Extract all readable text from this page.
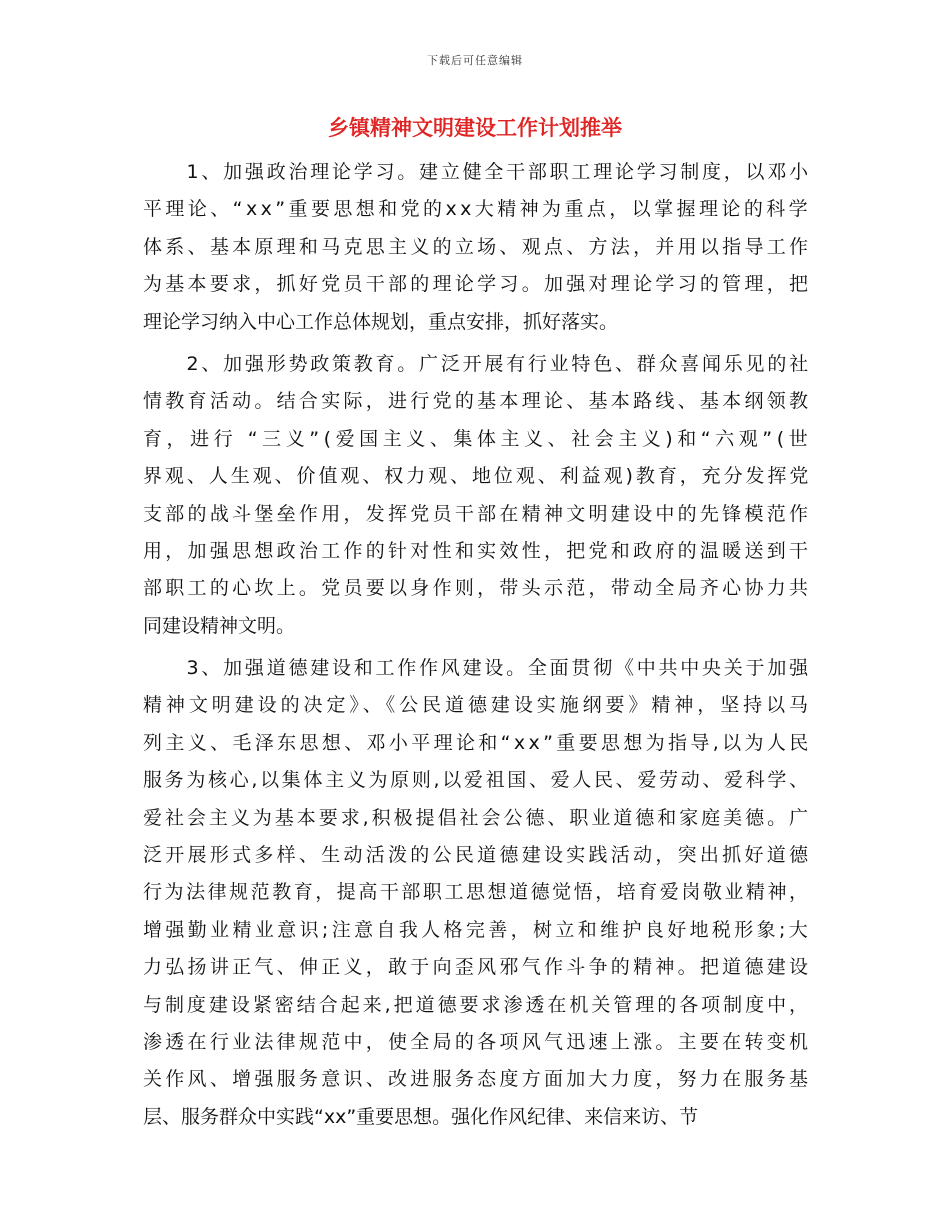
下载后可任意编辑
乡镇精神文明建设工作计划推举
　　1、加强政治理论学习。建立健全干部职工理论学习制度，以邓小
平理论、“xx”重要思想和党的xx大精神为重点，以掌握理论的科学
体系、基本原理和马克思主义的立场、观点、方法，并用以指导工作
为基本要求，抓好党员干部的理论学习。加强对理论学习的管理，把
理论学习纳入中心工作总体规划，重点安排，抓好落实。
　　2、加强形势政策教育。广泛开展有行业特色、群众喜闻乐见的社
情教育活动。结合实际，进行党的基本理论、基本路线、基本纲领教
育，进行 “三义”(爱国主义、集体主义、社会主义)和“六观”(世
界观、人生观、价值观、权力观、地位观、利益观)教育，充分发挥党
支部的战斗堡垒作用，发挥党员干部在精神文明建设中的先锋模范作
用，加强思想政治工作的针对性和实效性，把党和政府的温暖送到干
部职工的心坎上。党员要以身作则，带头示范，带动全局齐心协力共
同建设精神文明。
　　3、加强道德建设和工作作风建设。全面贯彻《中共中央关于加强
精神文明建设的决定》、《公民道德建设实施纲要》精神，坚持以马
列主义、毛泽东思想、邓小平理论和“xx”重要思想为指导,以为人民
服务为核心,以集体主义为原则,以爱祖国、爱人民、爱劳动、爱科学、
爱社会主义为基本要求,积极提倡社会公德、职业道德和家庭美德。广
泛开展形式多样、生动活泼的公民道德建设实践活动，突出抓好道德
行为法律规范教育，提高干部职工思想道德觉悟，培育爱岗敬业精神，
增强勤业精业意识;注意自我人格完善，树立和维护良好地税形象;大
力弘扬讲正气、伸正义，敢于向歪风邪气作斗争的精神。把道德建设
与制度建设紧密结合起来,把道德要求渗透在机关管理的各项制度中，
渗透在行业法律规范中，使全局的各项风气迅速上涨。主要在转变机
关作风、增强服务意识、改进服务态度方面加大力度，努力在服务基
层、服务群众中实践“xx”重要思想。强化作风纪律、来信来访、节
